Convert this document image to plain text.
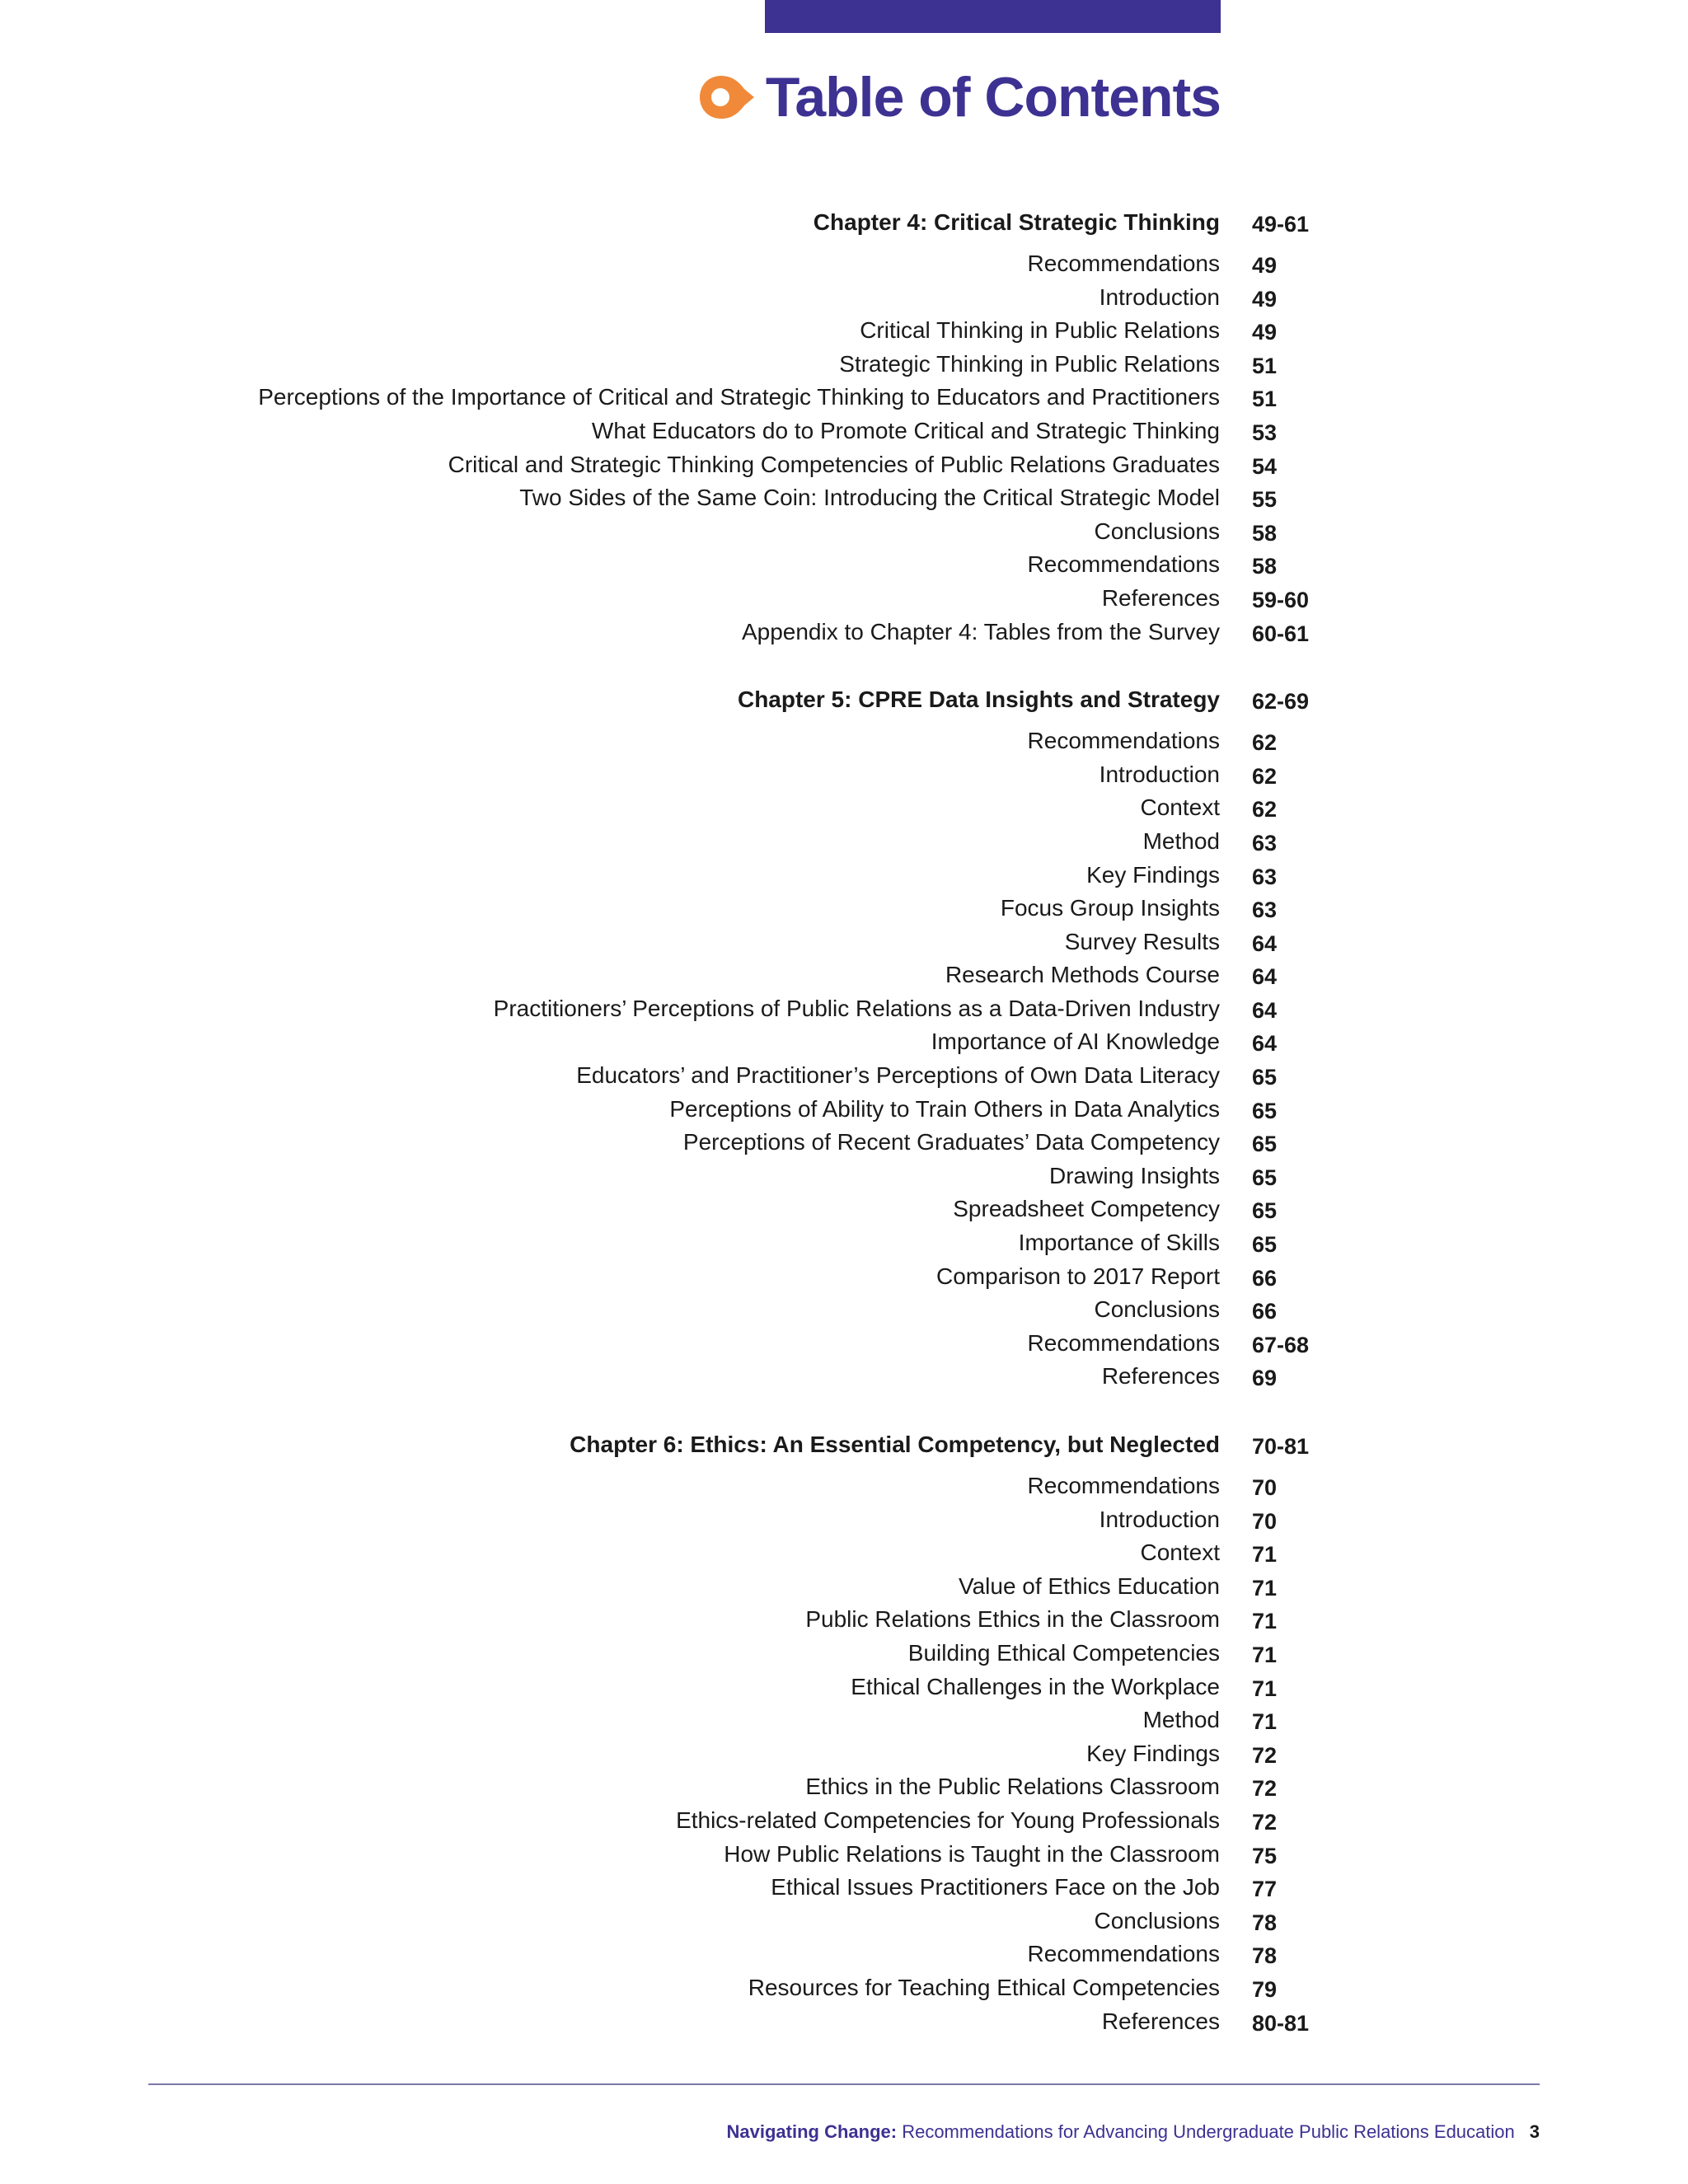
Table of Contents
Chapter 4: Critical Strategic Thinking 49-61
Recommendations 49
Introduction 49
Critical Thinking in Public Relations 49
Strategic Thinking in Public Relations 51
Perceptions of the Importance of Critical and Strategic Thinking to Educators and Practitioners 51
What Educators do to Promote Critical and Strategic Thinking 53
Critical and Strategic Thinking Competencies of Public Relations Graduates 54
Two Sides of the Same Coin: Introducing the Critical Strategic Model 55
Conclusions 58
Recommendations 58
References 59-60
Appendix to Chapter 4: Tables from the Survey 60-61
Chapter 5: CPRE Data Insights and Strategy 62-69
Recommendations 62
Introduction 62
Context 62
Method 63
Key Findings 63
Focus Group Insights 63
Survey Results 64
Research Methods Course 64
Practitioners’ Perceptions of Public Relations as a Data-Driven Industry 64
Importance of AI Knowledge 64
Educators’ and Practitioner’s Perceptions of Own Data Literacy 65
Perceptions of Ability to Train Others in Data Analytics 65
Perceptions of Recent Graduates’ Data Competency 65
Drawing Insights 65
Spreadsheet Competency 65
Importance of Skills 65
Comparison to 2017 Report 66
Conclusions 66
Recommendations 67-68
References 69
Chapter 6: Ethics: An Essential Competency, but Neglected 70-81
Recommendations 70
Introduction 70
Context 71
Value of Ethics Education 71
Public Relations Ethics in the Classroom 71
Building Ethical Competencies 71
Ethical Challenges in the Workplace 71
Method 71
Key Findings 72
Ethics in the Public Relations Classroom 72
Ethics-related Competencies for Young Professionals 72
How Public Relations is Taught in the Classroom 75
Ethical Issues Practitioners Face on the Job 77
Conclusions 78
Recommendations 78
Resources for Teaching Ethical Competencies 79
References 80-81
Navigating Change: Recommendations for Advancing Undergraduate Public Relations Education 3
